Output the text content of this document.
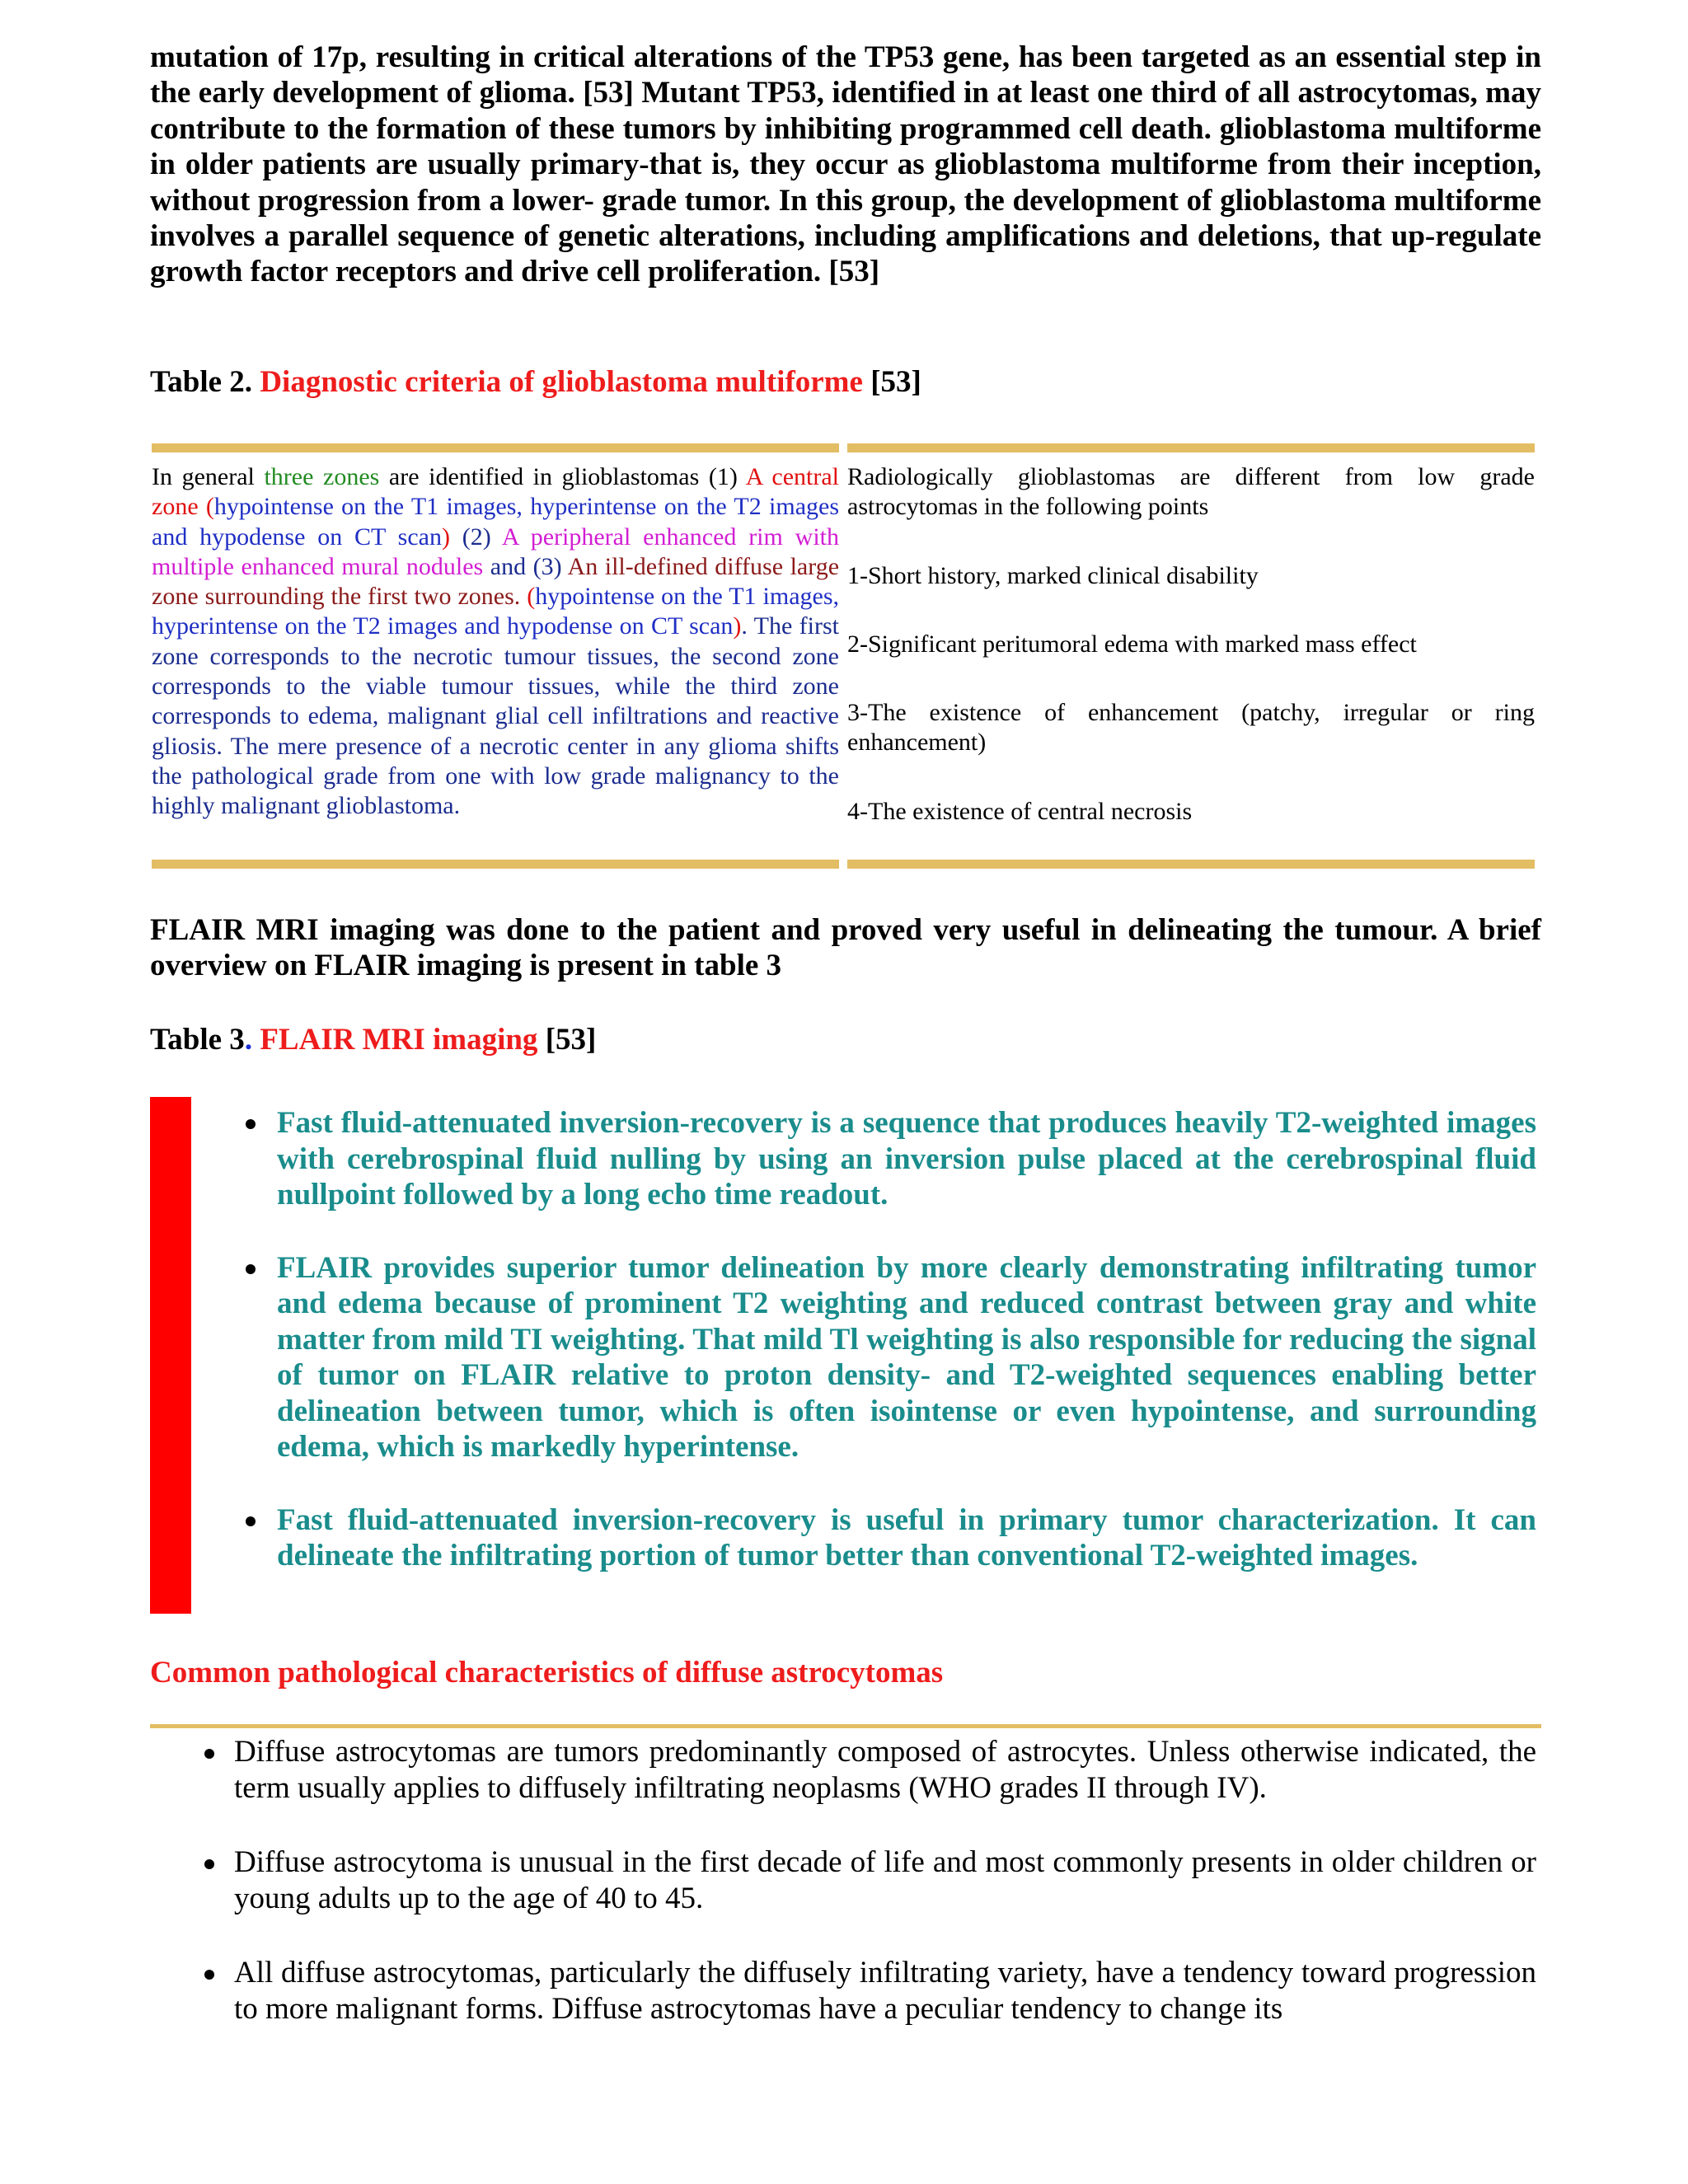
mutation of 17p, resulting in critical alterations of the TP53 gene, has been targeted as an essential step in the early development of glioma. [53] Mutant TP53, identified in at least one third of all astrocytomas, may contribute to the formation of these tumors by inhibiting programmed cell death. glioblastoma multiforme in older patients are usually primary-that is, they occur as glioblastoma multiforme from their inception, without progression from a lower- grade tumor. In this group, the development of glioblastoma multiforme involves a parallel sequence of genetic alterations, including amplifications and deletions, that up-regulate growth factor receptors and drive cell proliferation. [53]
Table 2. Diagnostic criteria of glioblastoma multiforme [53]
In general three zones are identified in glioblastomas (1) A central zone (hypointense on the T1 images, hyperintense on the T2 images and hypodense on CT scan) (2) A peripheral enhanced rim with multiple enhanced mural nodules and (3) An ill-defined diffuse large zone surrounding the first two zones. (hypointense on the T1 images, hyperintense on the T2 images and hypodense on CT scan). The first zone corresponds to the necrotic tumour tissues, the second zone corresponds to the viable tumour tissues, while the third zone corresponds to edema, malignant glial cell infiltrations and reactive gliosis. The mere presence of a necrotic center in any glioma shifts the pathological grade from one with low grade malignancy to the highly malignant glioblastoma.

Radiologically glioblastomas are different from low grade astrocytomas in the following points

1-Short history, marked clinical disability

2-Significant peritumoral edema with marked mass effect

3-The existence of enhancement (patchy, irregular or ring enhancement)

4-The existence of central necrosis

FLAIR MRI imaging was done to the patient and proved very useful in delineating the tumour. A brief overview on FLAIR imaging is present in table 3
Table 3. FLAIR MRI imaging [53]
Fast fluid-attenuated inversion-recovery is a sequence that produces heavily T2-weighted images with cerebrospinal fluid nulling by using an inversion pulse placed at the cerebrospinal fluid nullpoint followed by a long echo time readout.
FLAIR provides superior tumor delineation by more clearly demonstrating infiltrating tumor and edema because of prominent T2 weighting and reduced contrast between gray and white matter from mild TI weighting. That mild Tl weighting is also responsible for reducing the signal of tumor on FLAIR relative to proton density- and T2-weighted sequences enabling better delineation between tumor, which is often isointense or even hypointense, and surrounding edema, which is markedly hyperintense.
Fast fluid-attenuated inversion-recovery is useful in primary tumor characterization. It can delineate the infiltrating portion of tumor better than conventional T2-weighted images.
Common pathological characteristics of diffuse astrocytomas
Diffuse astrocytomas are tumors predominantly composed of astrocytes. Unless otherwise indicated, the term usually applies to diffusely infiltrating neoplasms (WHO grades II through IV).
Diffuse astrocytoma is unusual in the first decade of life and most commonly presents in older children or young adults up to the age of 40 to 45.
All diffuse astrocytomas, particularly the diffusely infiltrating variety, have a tendency toward progression to more malignant forms. Diffuse astrocytomas have a peculiar tendency to change its
